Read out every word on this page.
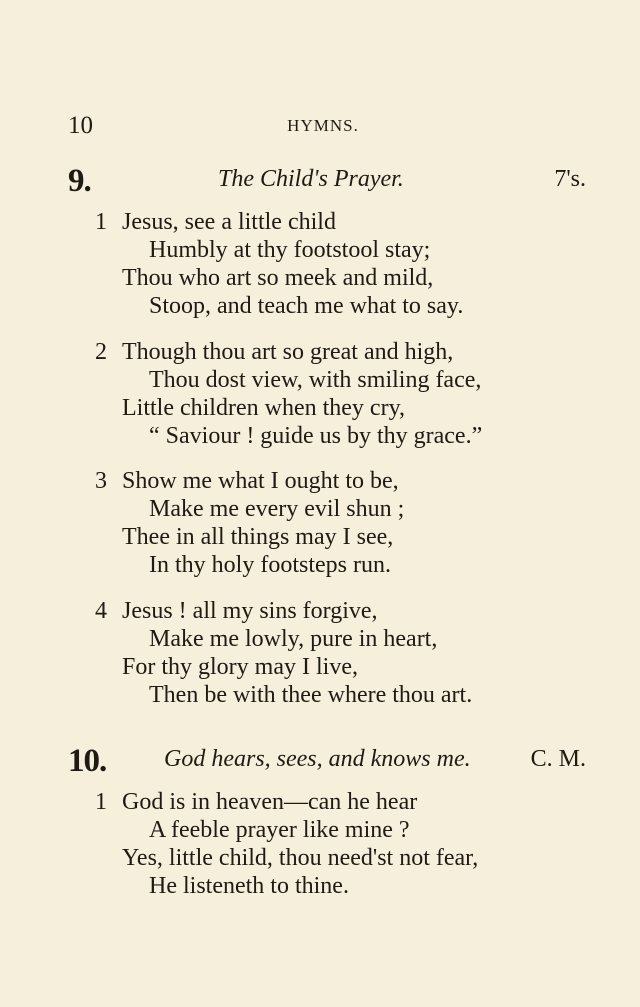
10	HYMNS.
9.	The Child's Prayer.	7's.
1 Jesus, see a little child
Humbly at thy footstool stay;
Thou who art so meek and mild,
Stoop, and teach me what to say.
2 Though thou art so great and high,
Thou dost view, with smiling face,
Little children when they cry,
“ Saviour ! guide us by thy grace.”
3 Show me what I ought to be,
Make me every evil shun ;
Thee in all things may I see,
In thy holy footsteps run.
4 Jesus ! all my sins forgive,
Make me lowly, pure in heart,
For thy glory may I live,
Then be with thee where thou art.
10. God hears, sees, and knows me.	C. M.
1 God is in heaven—can he hear
A feeble prayer like mine ?
Yes, little child, thou need'st not fear,
He listeneth to thine.
